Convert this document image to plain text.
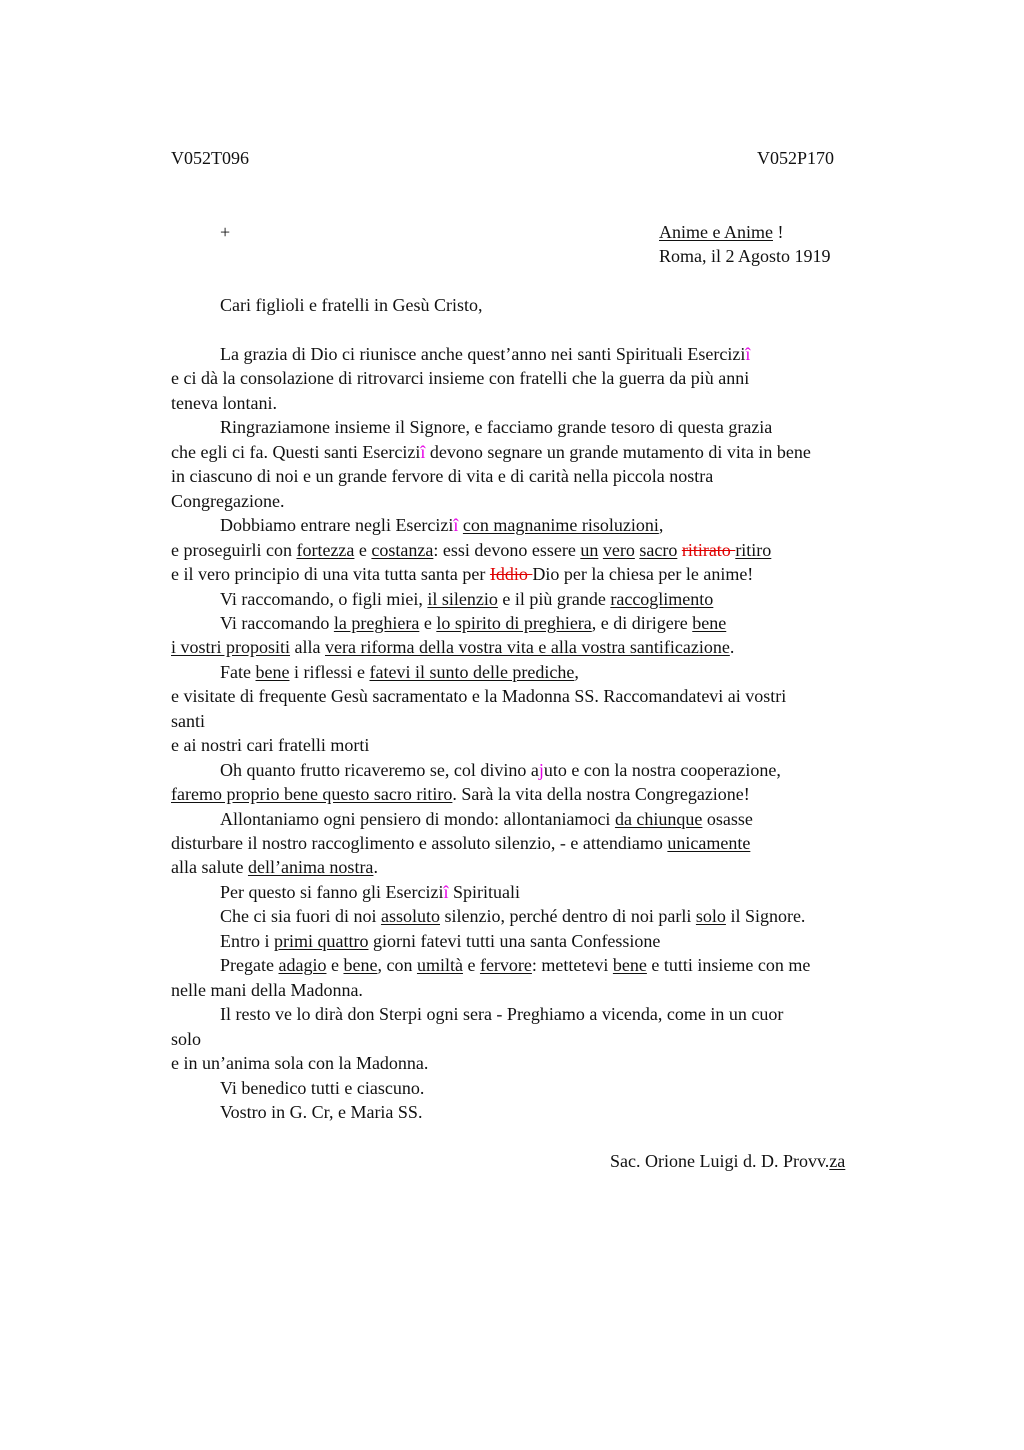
V052T096	V052P170
+	Anime e Anime !
Roma, il 2 Agosto 1919
Cari figlioli e fratelli in Gesù Cristo,
La grazia di Dio ci riunisce anche quest’anno nei santi Spirituali Eserciziî
e ci dà la consolazione di ritrovarci insieme con fratelli che la guerra da più anni
teneva lontani.
Ringraziamone insieme il Signore, e facciamo grande tesoro di questa grazia
che egli ci fa. Questi santi Eserciziî devono segnare un grande mutamento di vita in bene
in ciascuno di noi e un grande fervore di vita e di carità nella piccola nostra
Congregazione.
Dobbiamo entrare negli Eserciziî con magnanime risoluzioni,
e proseguirli con fortezza e costanza: essi devono essere un vero sacro ritirato ritiro
e il vero principio di una vita tutta santa per Iddio Dio per la chiesa per le anime!
Vi raccomando, o figli miei, il silenzio e il più grande raccoglimento
Vi raccomando la preghiera e lo spirito di preghiera, e di dirigere bene
i vostri propositi alla vera riforma della vostra vita e alla vostra santificazione.
Fate bene i riflessi e fatevi il sunto delle prediche,
e visitate di frequente Gesù sacramentato e la Madonna SS. Raccomandatevi ai vostri
santi
e ai nostri cari fratelli morti
Oh quanto frutto ricaveremo se, col divino ajuto e con la nostra cooperazione,
faremo proprio bene questo sacro ritiro. Sarà la vita della nostra Congregazione!
Allontaniamo ogni pensiero di mondo: allontaniamoci da chiunque osasse
disturbare il nostro raccoglimento e assoluto silenzio, - e attendiamo unicamente
alla salute dell’anima nostra.
Per questo si fanno gli Eserciziî Spirituali
Che ci sia fuori di noi assoluto silenzio, perché dentro di noi parli solo il Signore.
Entro i primi quattro giorni fatevi tutti una santa Confessione
Pregate adagio e bene, con umiltà e fervore: mettetevi bene e tutti insieme con me
nelle mani della Madonna.
Il resto ve lo dirà don Sterpi ogni sera - Preghiamo a vicenda, come in un cuor
solo
e in un’anima sola con la Madonna.
Vi benedico tutti e ciascuno.
Vostro in G. Cr, e Maria SS.
Sac. Orione Luigi d. D. Provv.za
